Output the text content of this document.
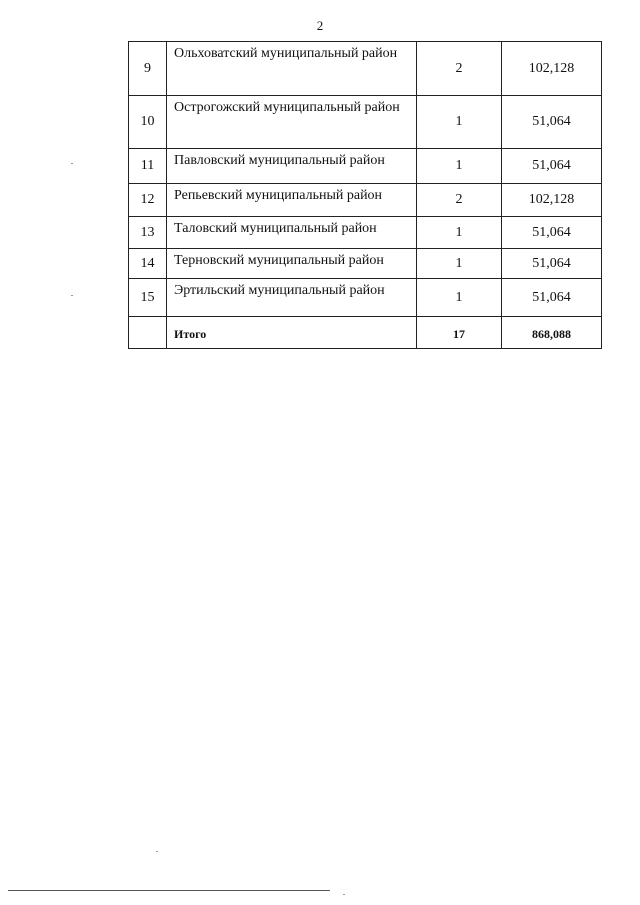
2
9	Ольховатский муниципальный район	2	102,128
10	Острогожский муниципальный район	1	51,064
11	Павловский муниципальный район	1	51,064
12	Репьевский муниципальный район	2	102,128
13	Таловский муниципальный район	1	51,064
14	Терновский муниципальный район	1	51,064
15	Эртильский муниципальный район	1	51,064
	Итого	17	868,088
